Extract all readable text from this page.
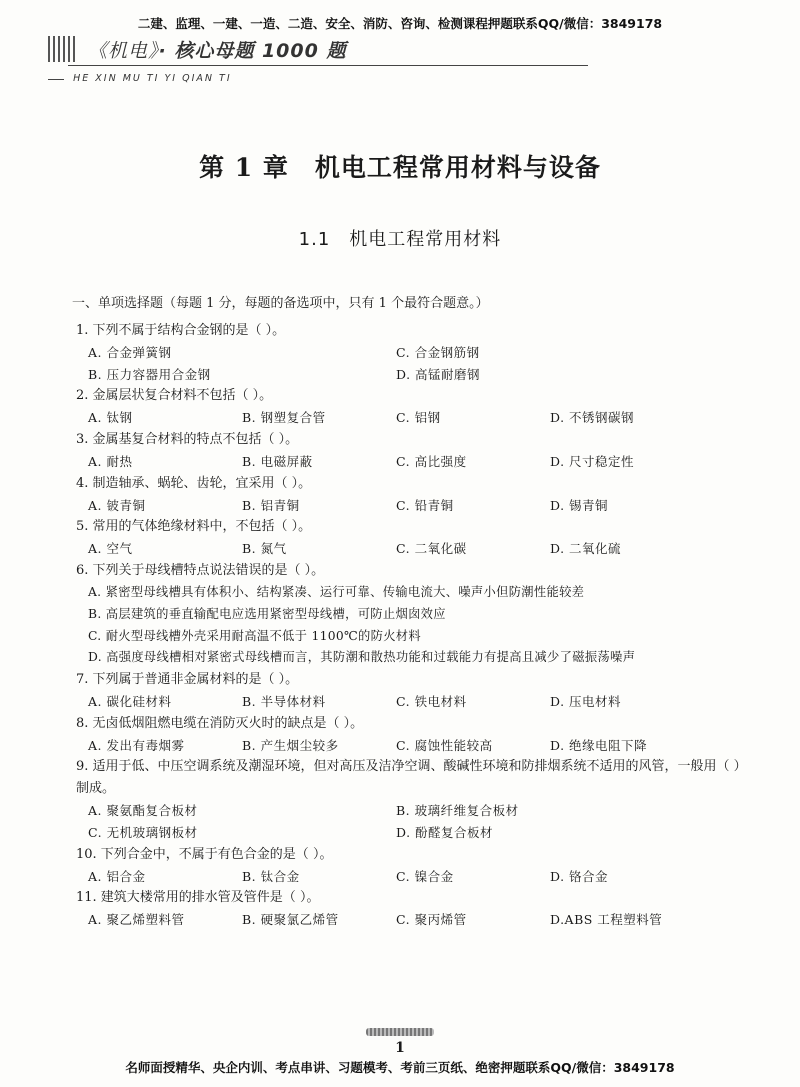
二建、监理、一建、一造、二造、安全、消防、咨询、检测课程押题联系QQ/微信：3849178
《机电》· 核心母题 1000 题
HE XIN MU TI YI QIAN TI
第 1 章　机电工程常用材料与设备
1.1　机电工程常用材料
一、单项选择题（每题 1 分，每题的备选项中，只有 1 个最符合题意。）
1. 下列不属于结构合金钢的是（ ）。
A. 合金弹簧钢	C. 合金钢筋钢
B. 压力容器用合金钢	D. 高锰耐磨钢
2. 金属层状复合材料不包括（ ）。
A. 钛钢	B. 钢塑复合管	C. 铝钢	D. 不锈钢碳钢
3. 金属基复合材料的特点不包括（ ）。
A. 耐热	B. 电磁屏蔽	C. 高比强度	D. 尺寸稳定性
4. 制造轴承、蜗轮、齿轮，宜采用（ ）。
A. 铍青铜	B. 铝青铜	C. 铅青铜	D. 锡青铜
5. 常用的气体绝缘材料中，不包括（ ）。
A. 空气	B. 氮气	C. 二氧化碳	D. 二氧化硫
6. 下列关于母线槽特点说法错误的是（ ）。
A. 紧密型母线槽具有体积小、结构紧凑、运行可靠、传输电流大、噪声小但防潮性能较差
B. 高层建筑的垂直输配电应选用紧密型母线槽，可防止烟囱效应
C. 耐火型母线槽外壳采用耐高温不低于 1100℃的防火材料
D. 高强度母线槽相对紧密式母线槽而言，其防潮和散热功能和过载能力有提高且减少了磁振荡噪声
7. 下列属于普通非金属材料的是（ ）。
A. 碳化硅材料	B. 半导体材料	C. 铁电材料	D. 压电材料
8. 无卤低烟阻燃电缆在消防灭火时的缺点是（ ）。
A. 发出有毒烟雾	B. 产生烟尘较多	C. 腐蚀性能较高	D. 绝缘电阻下降
9. 适用于低、中压空调系统及潮湿环境，但对高压及洁净空调、酸碱性环境和防排烟系统不适用的风管，一般用（ ）制成。
A. 聚氨酯复合板材	B. 玻璃纤维复合板材
C. 无机玻璃钢板材	D. 酚醛复合板材
10. 下列合金中，不属于有色合金的是（ ）。
A. 铝合金	B. 钛合金	C. 镍合金	D. 铬合金
11. 建筑大楼常用的排水管及管件是（ ）。
A. 聚乙烯塑料管	B. 硬聚氯乙烯管	C. 聚丙烯管	D.ABS 工程塑料管
1
名师面授精华、央企内训、考点串讲、习题模考、考前三页纸、绝密押题联系QQ/微信：3849178
